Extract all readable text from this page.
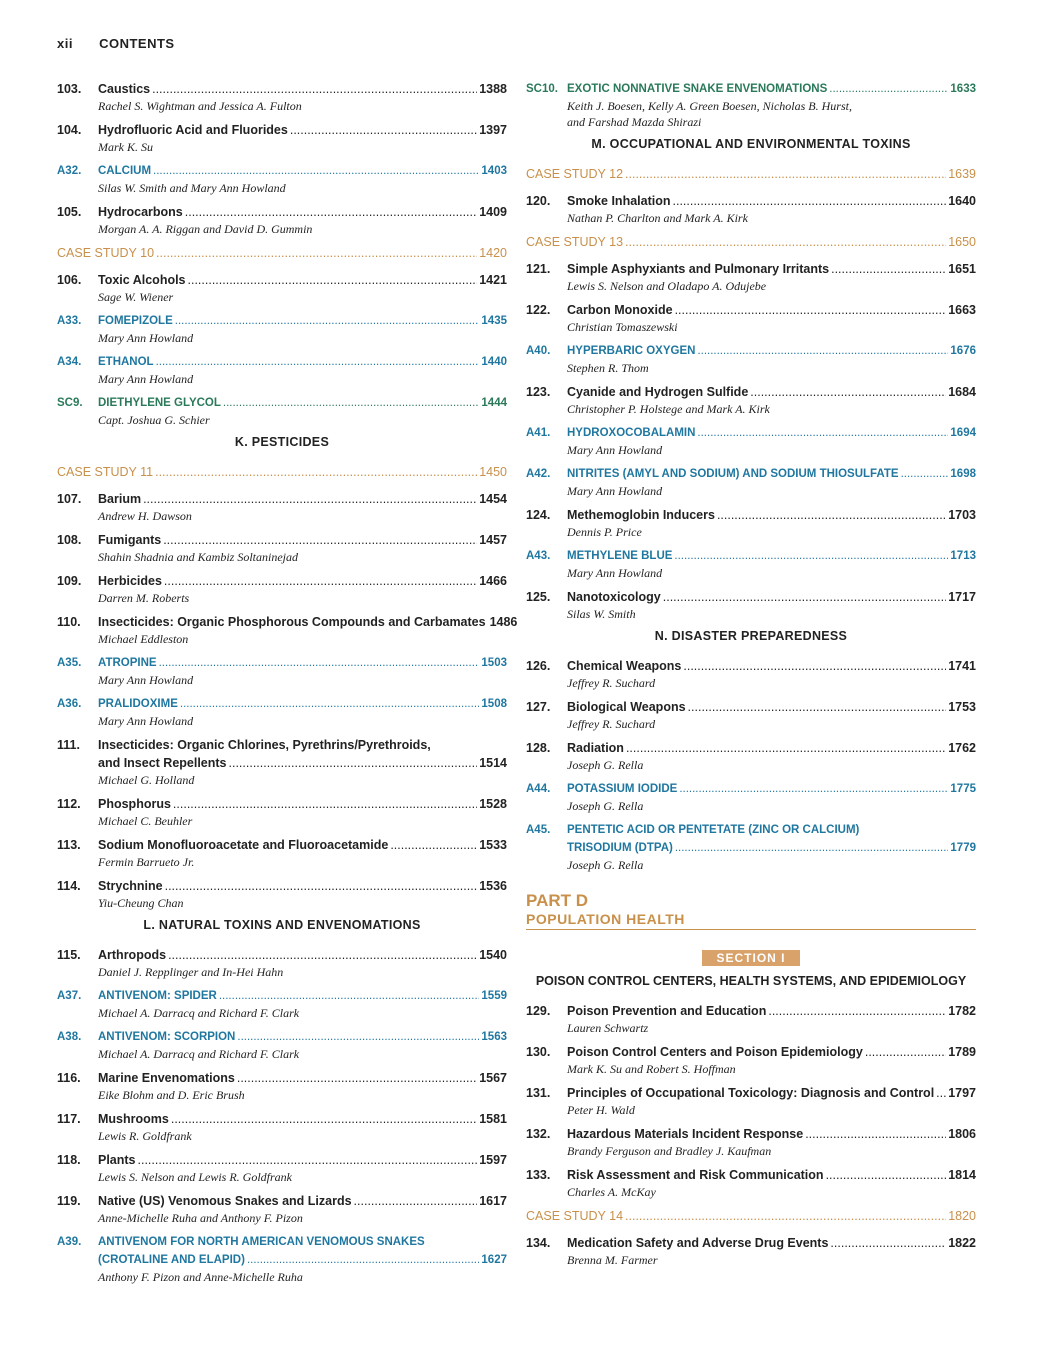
xii CONTENTS
103.	Caustics .....	1388
Rachel S. Wightman and Jessica A. Fulton
104.	Hydrofluoric Acid and Fluorides .....	1397
Mark K. Su
A32.	CALCIUM .....	1403
Silas W. Smith and Mary Ann Howland
105.	Hydrocarbons .....	1409
Morgan A. A. Riggan and David D. Gummin
CASE STUDY 10 .....	1420
106.	Toxic Alcohols .....	1421
Sage W. Wiener
A33.	FOMEPIZOLE .....	1435
Mary Ann Howland
A34.	ETHANOL .....	1440
Mary Ann Howland
SC9.	DIETHYLENE GLYCOL .....	1444
Capt. Joshua G. Schier
K. PESTICIDES
CASE STUDY 11 .....	1450
107.	Barium .....	1454
Andrew H. Dawson
108.	Fumigants .....	1457
Shahin Shadnia and Kambiz Soltaninejad
109.	Herbicides .....	1466
Darren M. Roberts
110.	Insecticides: Organic Phosphorous Compounds and Carbamates 1486
Michael Eddleston
A35.	ATROPINE .....	1503
Mary Ann Howland
A36.	PRALIDOXIME .....	1508
Mary Ann Howland
111.	Insecticides: Organic Chlorines, Pyrethrins/Pyrethroids,
and Insect Repellents .....	1514
Michael G. Holland
112.	Phosphorus .....	1528
Michael C. Beuhler
113.	Sodium Monofluoroacetate and Fluoroacetamide .....	1533
Fermin Barrueto Jr.
114.	Strychnine .....	1536
Yiu-Cheung Chan
L. NATURAL TOXINS AND ENVENOMATIONS
115.	Arthropods .....	1540
Daniel J. Repplinger and In-Hei Hahn
A37.	ANTIVENOM: SPIDER .....	1559
Michael A. Darracq and Richard F. Clark
A38.	ANTIVENOM: SCORPION .....	1563
Michael A. Darracq and Richard F. Clark
116.	Marine Envenomations .....	1567
Eike Blohm and D. Eric Brush
117.	Mushrooms .....	1581
Lewis R. Goldfrank
118.	Plants .....	1597
Lewis S. Nelson and Lewis R. Goldfrank
119.	Native (US) Venomous Snakes and Lizards .....	1617
Anne-Michelle Ruha and Anthony F. Pizon
A39.	ANTIVENOM FOR NORTH AMERICAN VENOMOUS SNAKES
(CROTALINE AND ELAPID) .....	1627
Anthony F. Pizon and Anne-Michelle Ruha
SC10. EXOTIC NONNATIVE SNAKE ENVENOMATIONS .....	1633
Keith J. Boesen, Kelly A. Green Boesen, Nicholas B. Hurst,
and Farshad Mazda Shirazi
M. OCCUPATIONAL AND ENVIRONMENTAL TOXINS
CASE STUDY 12 .....	1639
120.	Smoke Inhalation .....	1640
Nathan P. Charlton and Mark A. Kirk
CASE STUDY 13 .....	1650
121.	Simple Asphyxiants and Pulmonary Irritants .....	1651
Lewis S. Nelson and Oladapo A. Odujebe
122.	Carbon Monoxide .....	1663
Christian Tomaszewski
A40.	HYPERBARIC OXYGEN .....	1676
Stephen R. Thom
123.	Cyanide and Hydrogen Sulfide .....	1684
Christopher P. Holstege and Mark A. Kirk
A41.	HYDROXOCOBALAMIN .....	1694
Mary Ann Howland
A42.	NITRITES (AMYL AND SODIUM) AND SODIUM THIOSULFATE .....	1698
Mary Ann Howland
124.	Methemoglobin Inducers .....	1703
Dennis P. Price
A43.	METHYLENE BLUE .....	1713
Mary Ann Howland
125.	Nanotoxicology .....	1717
Silas W. Smith
N. DISASTER PREPAREDNESS
126.	Chemical Weapons .....	1741
Jeffrey R. Suchard
127.	Biological Weapons .....	1753
Jeffrey R. Suchard
128.	Radiation .....	1762
Joseph G. Rella
A44.	POTASSIUM IODIDE .....	1775
Joseph G. Rella
A45.	PENTETIC ACID OR PENTETATE (ZINC OR CALCIUM)
TRISODIUM (DTPA) .....	1779
Joseph G. Rella
PART D
POPULATION HEALTH
SECTION I
POISON CONTROL CENTERS, HEALTH SYSTEMS, AND EPIDEMIOLOGY
129.	Poison Prevention and Education .....	1782
Lauren Schwartz
130.	Poison Control Centers and Poison Epidemiology .....	1789
Mark K. Su and Robert S. Hoffman
131.	Principles of Occupational Toxicology: Diagnosis and Control ..... 1797
Peter H. Wald
132.	Hazardous Materials Incident Response .....	1806
Brandy Ferguson and Bradley J. Kaufman
133.	Risk Assessment and Risk Communication .....	1814
Charles A. McKay
CASE STUDY 14 .....	1820
134.	Medication Safety and Adverse Drug Events .....	1822
Brenna M. Farmer
